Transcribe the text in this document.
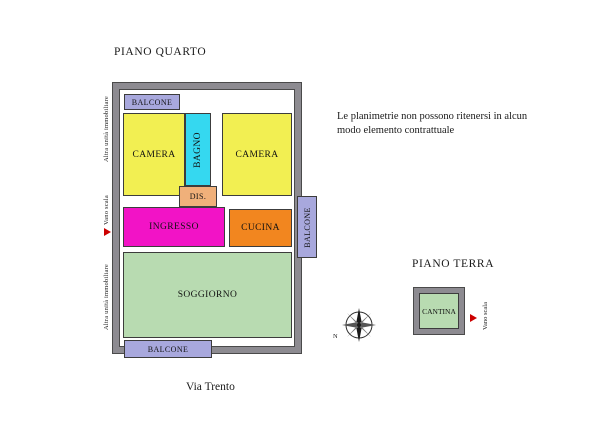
PIANO QUARTO
Le planimetrie non possono ritenersi in alcun modo elemento contrattuale
BALCONE
BALCONE
BALCONE
CAMERA BAGNO	CAMERA
DIS.
INGRESSO	CUCINA
SOGGIORNO
Altra unità immobiliare
Vano scala
Altra unità immobiliare
Via Trento
PIANO TERRA
CANTINA	Vano scala
N
